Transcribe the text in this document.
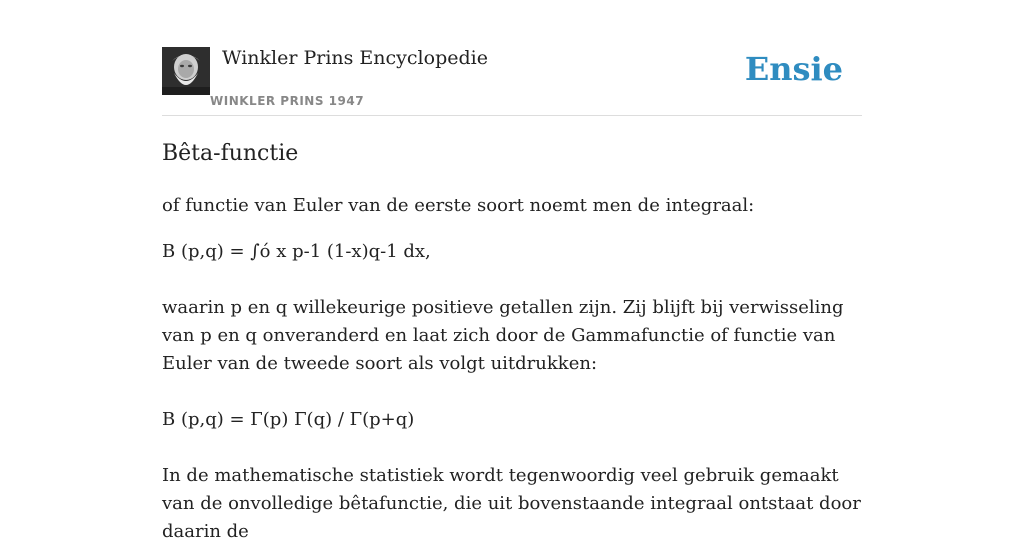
Winkler Prins Encyclopedie
WINKLER PRINS 1947
Ensie
Bêta-functie

of functie van Euler van de eerste soort noemt men de integraal:

B (p,q) = ∫ó x p-1 (1-x)q-1 dx,

waarin p en q willekeurige positieve getallen zijn. Zij blijft bij verwisseling van p en q onveranderd en laat zich door de Gammafunctie of functie van Euler van de tweede soort als volgt uitdrukken:

B (p,q) = Γ(p) Γ(q) / Γ(p+q)

In de mathematische statistiek wordt tegenwoordig veel gebruik gemaakt van de onvolledige bêtafunctie, die uit bovenstaande integraal ontstaat door daarin de
